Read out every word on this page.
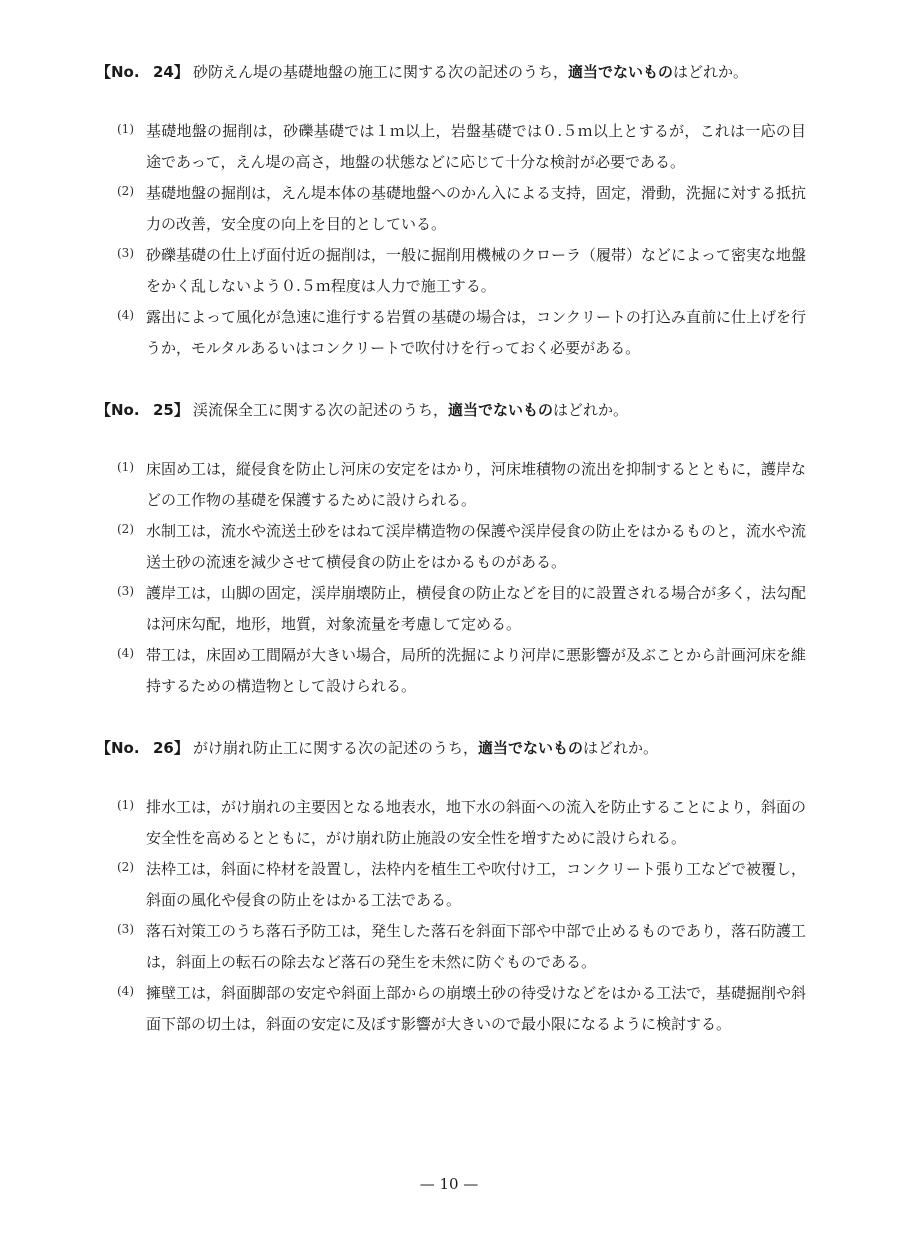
【No. 24】 砂防えん堤の基礎地盤の施工に関する次の記述のうち，適当でないものはどれか。
(1) 基礎地盤の掘削は，砂礫基礎では１ｍ以上，岩盤基礎では０.５ｍ以上とするが，これは一応の目途であって，えん堤の高さ，地盤の状態などに応じて十分な検討が必要である。
(2) 基礎地盤の掘削は，えん堤本体の基礎地盤へのかん入による支持，固定，滑動，洗掘に対する抵抗力の改善，安全度の向上を目的としている。
(3) 砂礫基礎の仕上げ面付近の掘削は，一般に掘削用機械のクローラ（履帯）などによって密実な地盤をかく乱しないよう０.５ｍ程度は人力で施工する。
(4) 露出によって風化が急速に進行する岩質の基礎の場合は，コンクリートの打込み直前に仕上げを行うか，モルタルあるいはコンクリートで吹付けを行っておく必要がある。
【No. 25】 渓流保全工に関する次の記述のうち，適当でないものはどれか。
(1) 床固め工は，縦侵食を防止し河床の安定をはかり，河床堆積物の流出を抑制するとともに，護岸などの工作物の基礎を保護するために設けられる。
(2) 水制工は，流水や流送土砂をはねて渓岸構造物の保護や渓岸侵食の防止をはかるものと，流水や流送土砂の流速を減少させて横侵食の防止をはかるものがある。
(3) 護岸工は，山脚の固定，渓岸崩壊防止，横侵食の防止などを目的に設置される場合が多く，法勾配は河床勾配，地形，地質，対象流量を考慮して定める。
(4) 帯工は，床固め工間隔が大きい場合，局所的洗掘により河岸に悪影響が及ぶことから計画河床を維持するための構造物として設けられる。
【No. 26】 がけ崩れ防止工に関する次の記述のうち，適当でないものはどれか。
(1) 排水工は，がけ崩れの主要因となる地表水，地下水の斜面への流入を防止することにより，斜面の安全性を高めるとともに，がけ崩れ防止施設の安全性を増すために設けられる。
(2) 法枠工は，斜面に枠材を設置し，法枠内を植生工や吹付け工，コンクリート張り工などで被覆し，斜面の風化や侵食の防止をはかる工法である。
(3) 落石対策工のうち落石予防工は，発生した落石を斜面下部や中部で止めるものであり，落石防護工は，斜面上の転石の除去など落石の発生を未然に防ぐものである。
(4) 擁壁工は，斜面脚部の安定や斜面上部からの崩壊土砂の待受けなどをはかる工法で，基礎掘削や斜面下部の切土は，斜面の安定に及ぼす影響が大きいので最小限になるように検討する。
— 10 —
